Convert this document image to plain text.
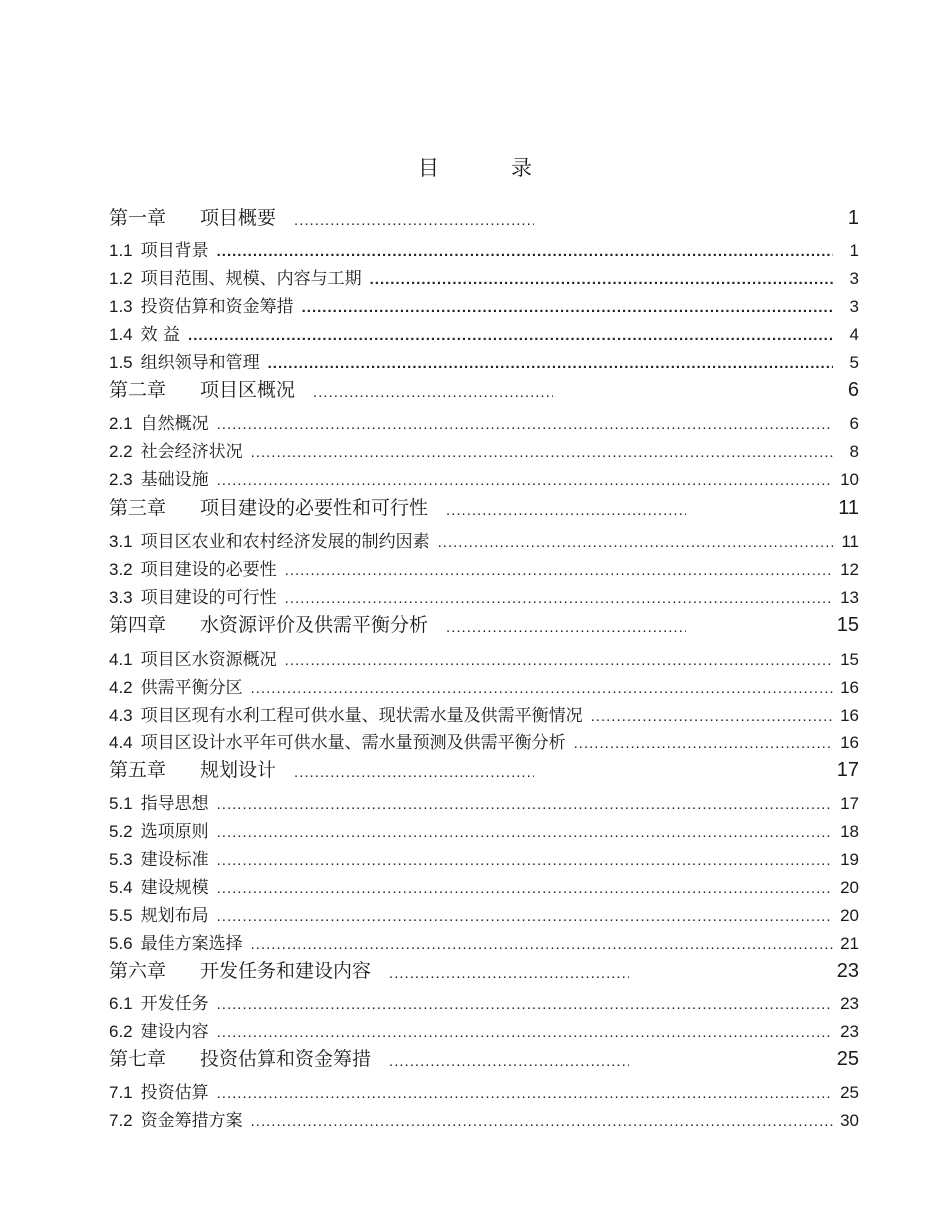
目	录
第一章 项目概要 .....	1
1.1 项目背景 .....	1
1.2 项目范围、规模、内容与工期 .....	3
1.3 投资估算和资金筹措 .....	3
1.4 效 益 .....	4
1.5 组织领导和管理 .....	5
第二章 项目区概况 .....	6
2.1 自然概况 .....	6
2.2 社会经济状况 .....	8
2.3 基础设施 .....	10
第三章 项目建设的必要性和可行性 .....	11
3.1 项目区农业和农村经济发展的制约因素 .....	11
3.2 项目建设的必要性 .....	12
3.3 项目建设的可行性 .....	13
第四章 水资源评价及供需平衡分析 .....	15
4.1 项目区水资源概况 .....	15
4.2 供需平衡分区 .....	16
4.3 项目区现有水利工程可供水量、现状需水量及供需平衡情况 .....	16
4.4 项目区设计水平年可供水量、需水量预测及供需平衡分析 .....	16
第五章 规划设计 .....	17
5.1 指导思想 .....	17
5.2 选项原则 .....	18
5.3 建设标准 .....	19
5.4 建设规模 .....	20
5.5 规划布局 .....	20
5.6 最佳方案选择 .....	21
第六章 开发任务和建设内容 .....	23
6.1 开发任务 .....	23
6.2 建设内容 .....	23
第七章 投资估算和资金筹措 .....	25
7.1 投资估算 .....	25
7.2 资金筹措方案 .....	30
